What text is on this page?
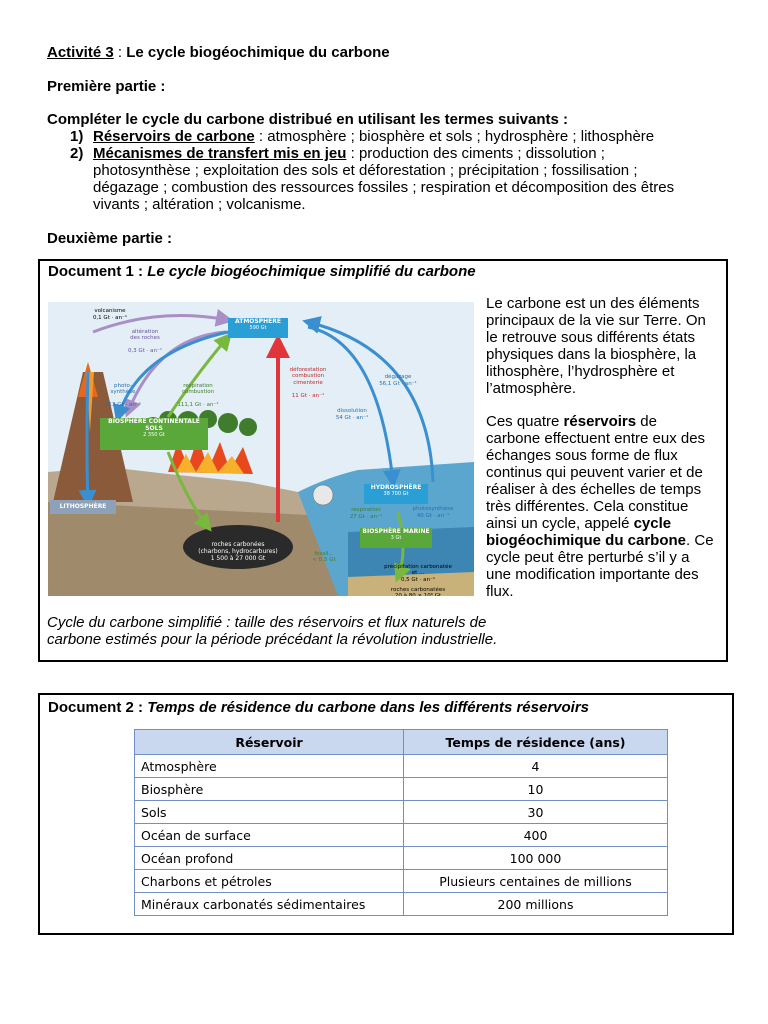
Activité 3 : Le cycle biogéochimique du carbone
Première partie :
Compléter le cycle du carbone distribué en utilisant les termes suivants :
1) Réservoirs de carbone : atmosphère ; biosphère et sols ; hydrosphère ; lithosphère
2) Mécanismes de transfert mis en jeu : production des ciments ; dissolution ;
photosynthèse ; exploitation des sols et déforestation ; précipitation ; fossilisation ;
dégazage ; combustion des ressources fossiles ; respiration et décomposition des êtres
vivants ; altération ; volcanisme.
Deuxième partie :
Document 1 : Le cycle biogéochimique simplifié du carbone
ATMOSPHÈRE
590 Gt
BIOSPHÈRE CONTINENTALE
SOLS
2 350 Gt
LITHOSPHÈRE
HYDROSPHÈRE
38 700 Gt
BIOSPHÈRE MARINE
3 Gt
volcanisme
0,1 Gt · an⁻¹

altération
des roches

0,3 Gt · an⁻¹

photo-
synthèse

113 Gt · an⁻¹

respiration
combustion

111,1 Gt · an⁻¹

déforestation
combustion
cimenterie

11 Gt · an⁻¹

dégazage
56,1 Gt · an⁻¹
dissolution
54 Gt · an⁻¹
respiration
27 Gt · an⁻¹
photosynthèse
40 Gt · an⁻¹

roches carbonées
(charbons, hydrocarbures)
1 500 à 27 000 Gt

fossil...
< 0,5 Gt

précipitation carbonatée
et ...
0,5 Gt · an⁻¹

roches carbonatées
20 à 80 × 10⁶ Gt

Le carbone est un des éléments
principaux de la vie sur Terre. On
le retrouve sous différents états
physiques dans la biosphère, la
lithosphère, l’hydrosphère et
l’atmosphère.
Ces quatre réservoirs de
carbone effectuent entre eux des
échanges sous forme de flux
continus qui peuvent varier et de
réaliser à des échelles de temps
très différentes. Cela constitue
ainsi un cycle, appelé cycle
biogéochimique du carbone. Ce
cycle peut être perturbé s’il y a
une modification importante des
flux.
Cycle du carbone simplifié : taille des réservoirs et flux naturels de
carbone estimés pour la période précédant la révolution industrielle.
Document 2 : Temps de résidence du carbone dans les différents réservoirs
Réservoir	Temps de résidence (ans)
Atmosphère	4
Biosphère	10
Sols	30
Océan de surface	400
Océan profond	100 000
Charbons et pétroles	Plusieurs centaines de millions
Minéraux carbonatés sédimentaires	200 millions
